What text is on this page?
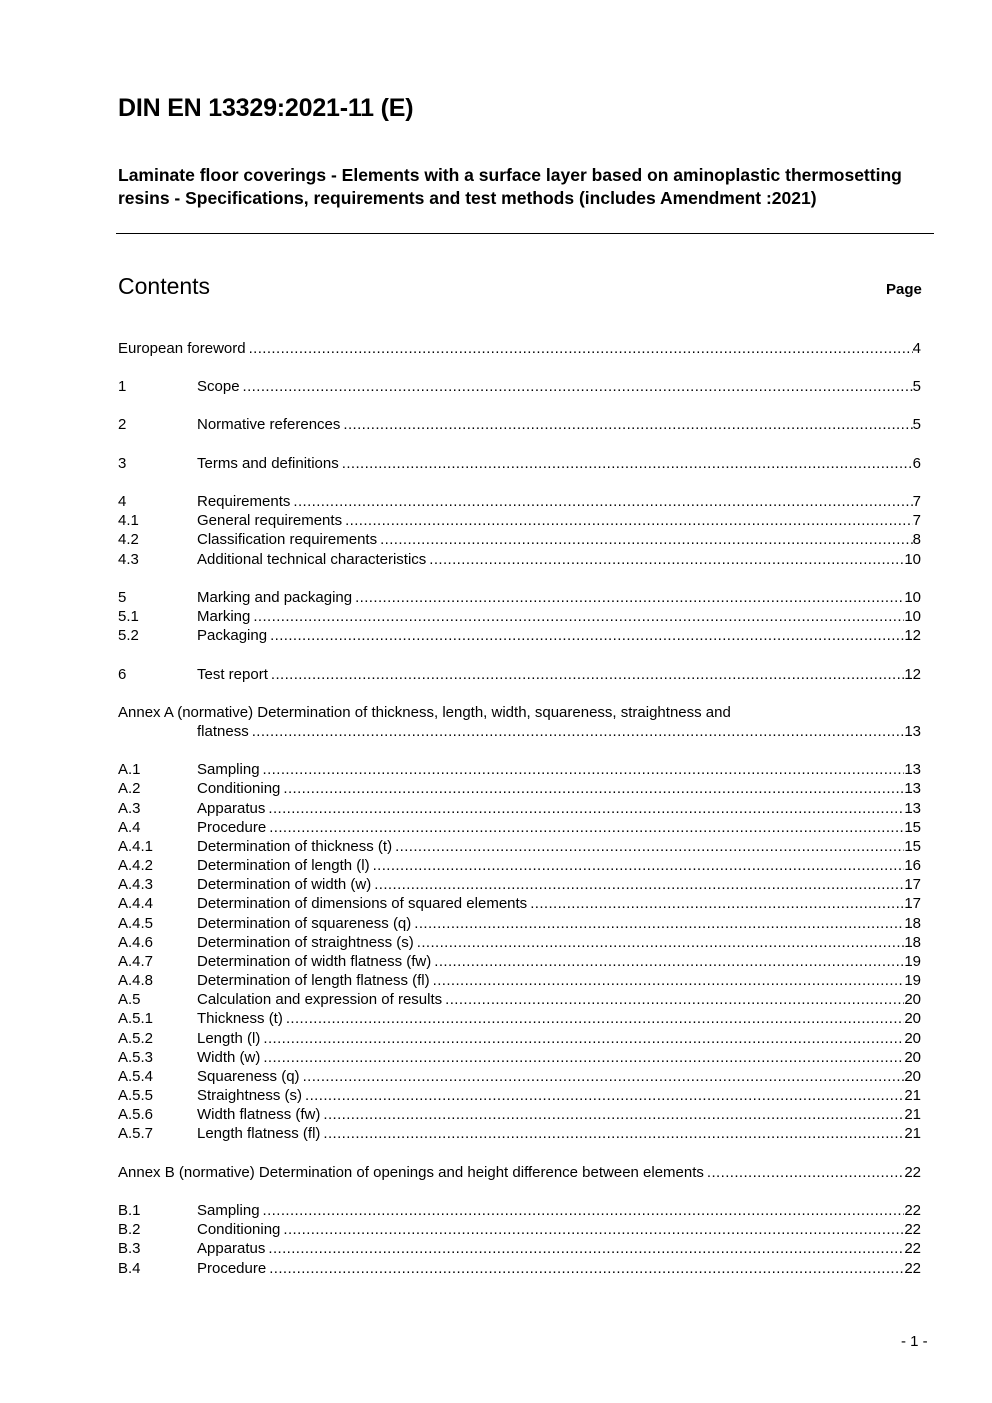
DIN EN 13329:2021-11 (E)

Laminate floor coverings - Elements with a surface layer based on aminoplastic thermosetting resins - Specifications, requirements and test methods (includes Amendment :2021)

Contents	Page
European foreword .....	4
1	Scope .....	5
2	Normative references .....	5
3	Terms and definitions .....	6
4	Requirements .....	7
4.1	General requirements .....	7
4.2	Classification requirements .....	8
4.3	Additional technical characteristics .....	10
5	Marking and packaging .....	10
5.1	Marking .....	10
5.2	Packaging .....	12
6	Test report .....	12
Annex A (normative) Determination of thickness, length, width, squareness, straightness and
flatness .....	13
A.1	Sampling .....	13
A.2	Conditioning .....	13
A.3	Apparatus .....	13
A.4	Procedure .....	15
A.4.1	Determination of thickness (t) .....	15
A.4.2	Determination of length (l) .....	16
A.4.3	Determination of width (w) .....	17
A.4.4	Determination of dimensions of squared elements .....	17
A.4.5	Determination of squareness (q) .....	18
A.4.6	Determination of straightness (s) .....	18
A.4.7	Determination of width flatness (fw) .....	19
A.4.8	Determination of length flatness (fl) .....	19
A.5	Calculation and expression of results .....	20
A.5.1	Thickness (t) .....	20
A.5.2	Length (l) .....	20
A.5.3	Width (w) .....	20
A.5.4	Squareness (q) .....	20
A.5.5	Straightness (s) .....	21
A.5.6	Width flatness (fw) .....	21
A.5.7	Length flatness (fl) .....	21
Annex B (normative) Determination of openings and height difference between elements .....	22
B.1	Sampling .....	22
B.2	Conditioning .....	22
B.3	Apparatus .....	22
B.4	Procedure .....	22
- 1 -
